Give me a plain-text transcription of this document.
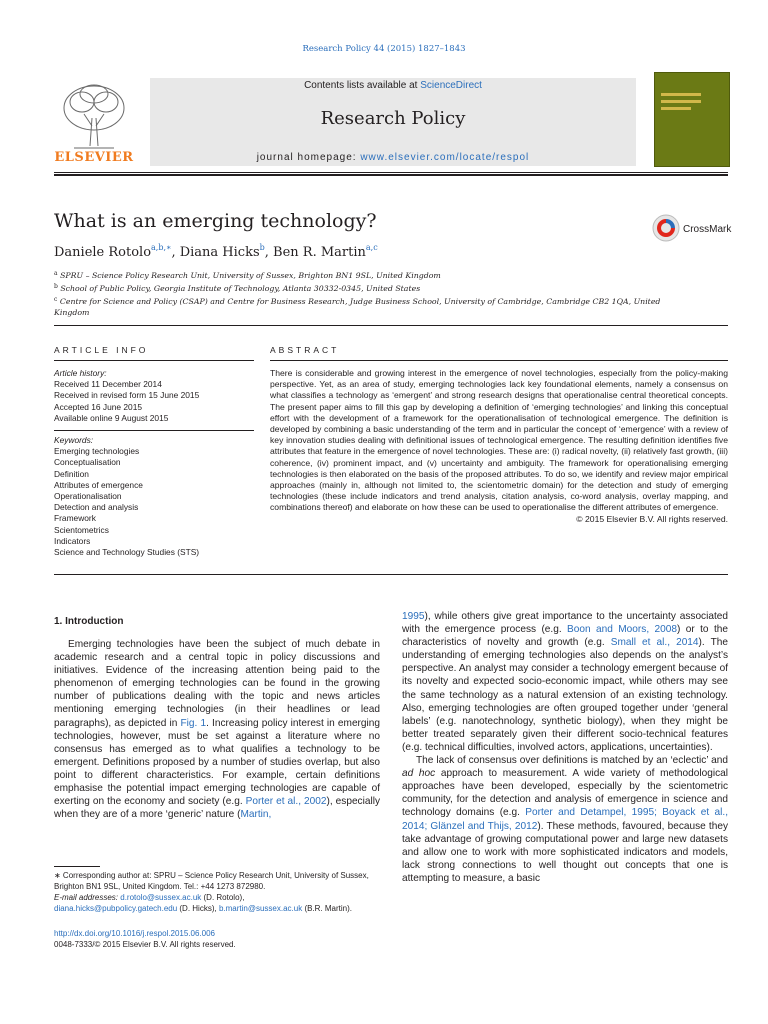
Research Policy 44 (2015) 1827–1843
Contents lists available at ScienceDirect
Research Policy
journal homepage: www.elsevier.com/locate/respol
ELSEVIER
What is an emerging technology?	CrossMark
Daniele Rotolo$^{a,b,∗}$, Diana Hicks$^b$, Ben R. Martin$^{a,c}$
$^a$ SPRU – Science Policy Research Unit, University of Sussex, Brighton BN1 9SL, United Kingdom
$^b$ School of Public Policy, Georgia Institute of Technology, Atlanta 30332-0345, United States
$^c$ Centre for Science and Policy (CSAP) and Centre for Business Research, Judge Business School, University of Cambridge, Cambridge CB2 1QA, United Kingdom
ARTICLE INFO	ABSTRACT
Article history:
Received 11 December 2014
Received in revised form 15 June 2015
Accepted 16 June 2015
Available online 9 August 2015
Keywords:
Emerging technologies
Conceptualisation
Definition
Attributes of emergence
Operationalisation
Detection and analysis
Framework
Scientometrics
Indicators
Science and Technology Studies (STS)
There is considerable and growing interest in the emergence of novel technologies, especially from the policy-making perspective. Yet, as an area of study, emerging technologies lack key foundational elements, namely a consensus on what classifies a technology as ‘emergent’ and strong research designs that operationalise central theoretical concepts. The present paper aims to fill this gap by developing a definition of ‘emerging technologies’ and linking this conceptual effort with the development of a framework for the operationalisation of technological emergence. The definition is developed by combining a basic understanding of the term and in particular the concept of ‘emergence’ with a review of key innovation studies dealing with definitional issues of technological emergence. The resulting definition identifies five attributes that feature in the emergence of novel technologies. These are: (i) radical novelty, (ii) relatively fast growth, (iii) coherence, (iv) prominent impact, and (v) uncertainty and ambiguity. The framework for operationalising emerging technologies is then elaborated on the basis of the proposed attributes. To do so, we identify and review major empirical approaches (mainly in, although not limited to, the scientometric domain) for the detection and study of emerging technologies (these include indicators and trend analysis, citation analysis, co-word analysis, overlay mapping, and combinations thereof) and elaborate on how these can be used to operationalise the different attributes of emergence.
© 2015 Elsevier B.V. All rights reserved.
1. Introduction

Emerging technologies have been the subject of much debate in academic research and a central topic in policy discussions and initiatives. Evidence of the increasing attention being paid to the phenomenon of emerging technologies can be found in the growing number of publications dealing with the topic and news articles mentioning emerging technologies (in their headlines or lead paragraphs), as depicted in Fig. 1. Increasing policy interest in emerging technologies, however, must be set against a literature where no consensus has emerged as to what qualifies a technology to be emergent. Definitions proposed by a number of studies overlap, but also point to different characteristics. For example, certain definitions emphasise the potential impact emerging technologies are capable of exerting on the economy and society (e.g. Porter et al., 2002), especially when they are of a more ‘generic’ nature (Martin,

1995), while others give great importance to the uncertainty associated with the emergence process (e.g. Boon and Moors, 2008) or to the characteristics of novelty and growth (e.g. Small et al., 2014). The understanding of emerging technologies also depends on the analyst’s perspective. An analyst may consider a technology emergent because of its novelty and expected socio-economic impact, while others may see the same technology as a natural extension of an existing technology. Also, emerging technologies are often grouped together under ‘general labels’ (e.g. nanotechnology, synthetic biology), when they might be better treated separately given their different socio-technical features (e.g. technical difficulties, involved actors, applications, uncertainties).

The lack of consensus over definitions is matched by an ‘eclectic’ and ad hoc approach to measurement. A wide variety of methodological approaches have been developed, especially by the scientometric community, for the detection and analysis of emergence in science and technology domains (e.g. Porter and Detampel, 1995; Boyack et al., 2014; Glänzel and Thijs, 2012). These methods, favoured, because they take advantage of growing computational power and large new datasets and allow one to work with more sophisticated indicators and models, lack strong connections to well thought out concepts that one is attempting to measure, a basic

∗ Corresponding author at: SPRU – Science Policy Research Unit, University of Sussex, Brighton BN1 9SL, United Kingdom. Tel.: +44 1273 872980.
E-mail addresses: d.rotolo@sussex.ac.uk (D. Rotolo),
diana.hicks@pubpolicy.gatech.edu (D. Hicks), b.martin@sussex.ac.uk (B.R. Martin).
http://dx.doi.org/10.1016/j.respol.2015.06.006
0048-7333/© 2015 Elsevier B.V. All rights reserved.
